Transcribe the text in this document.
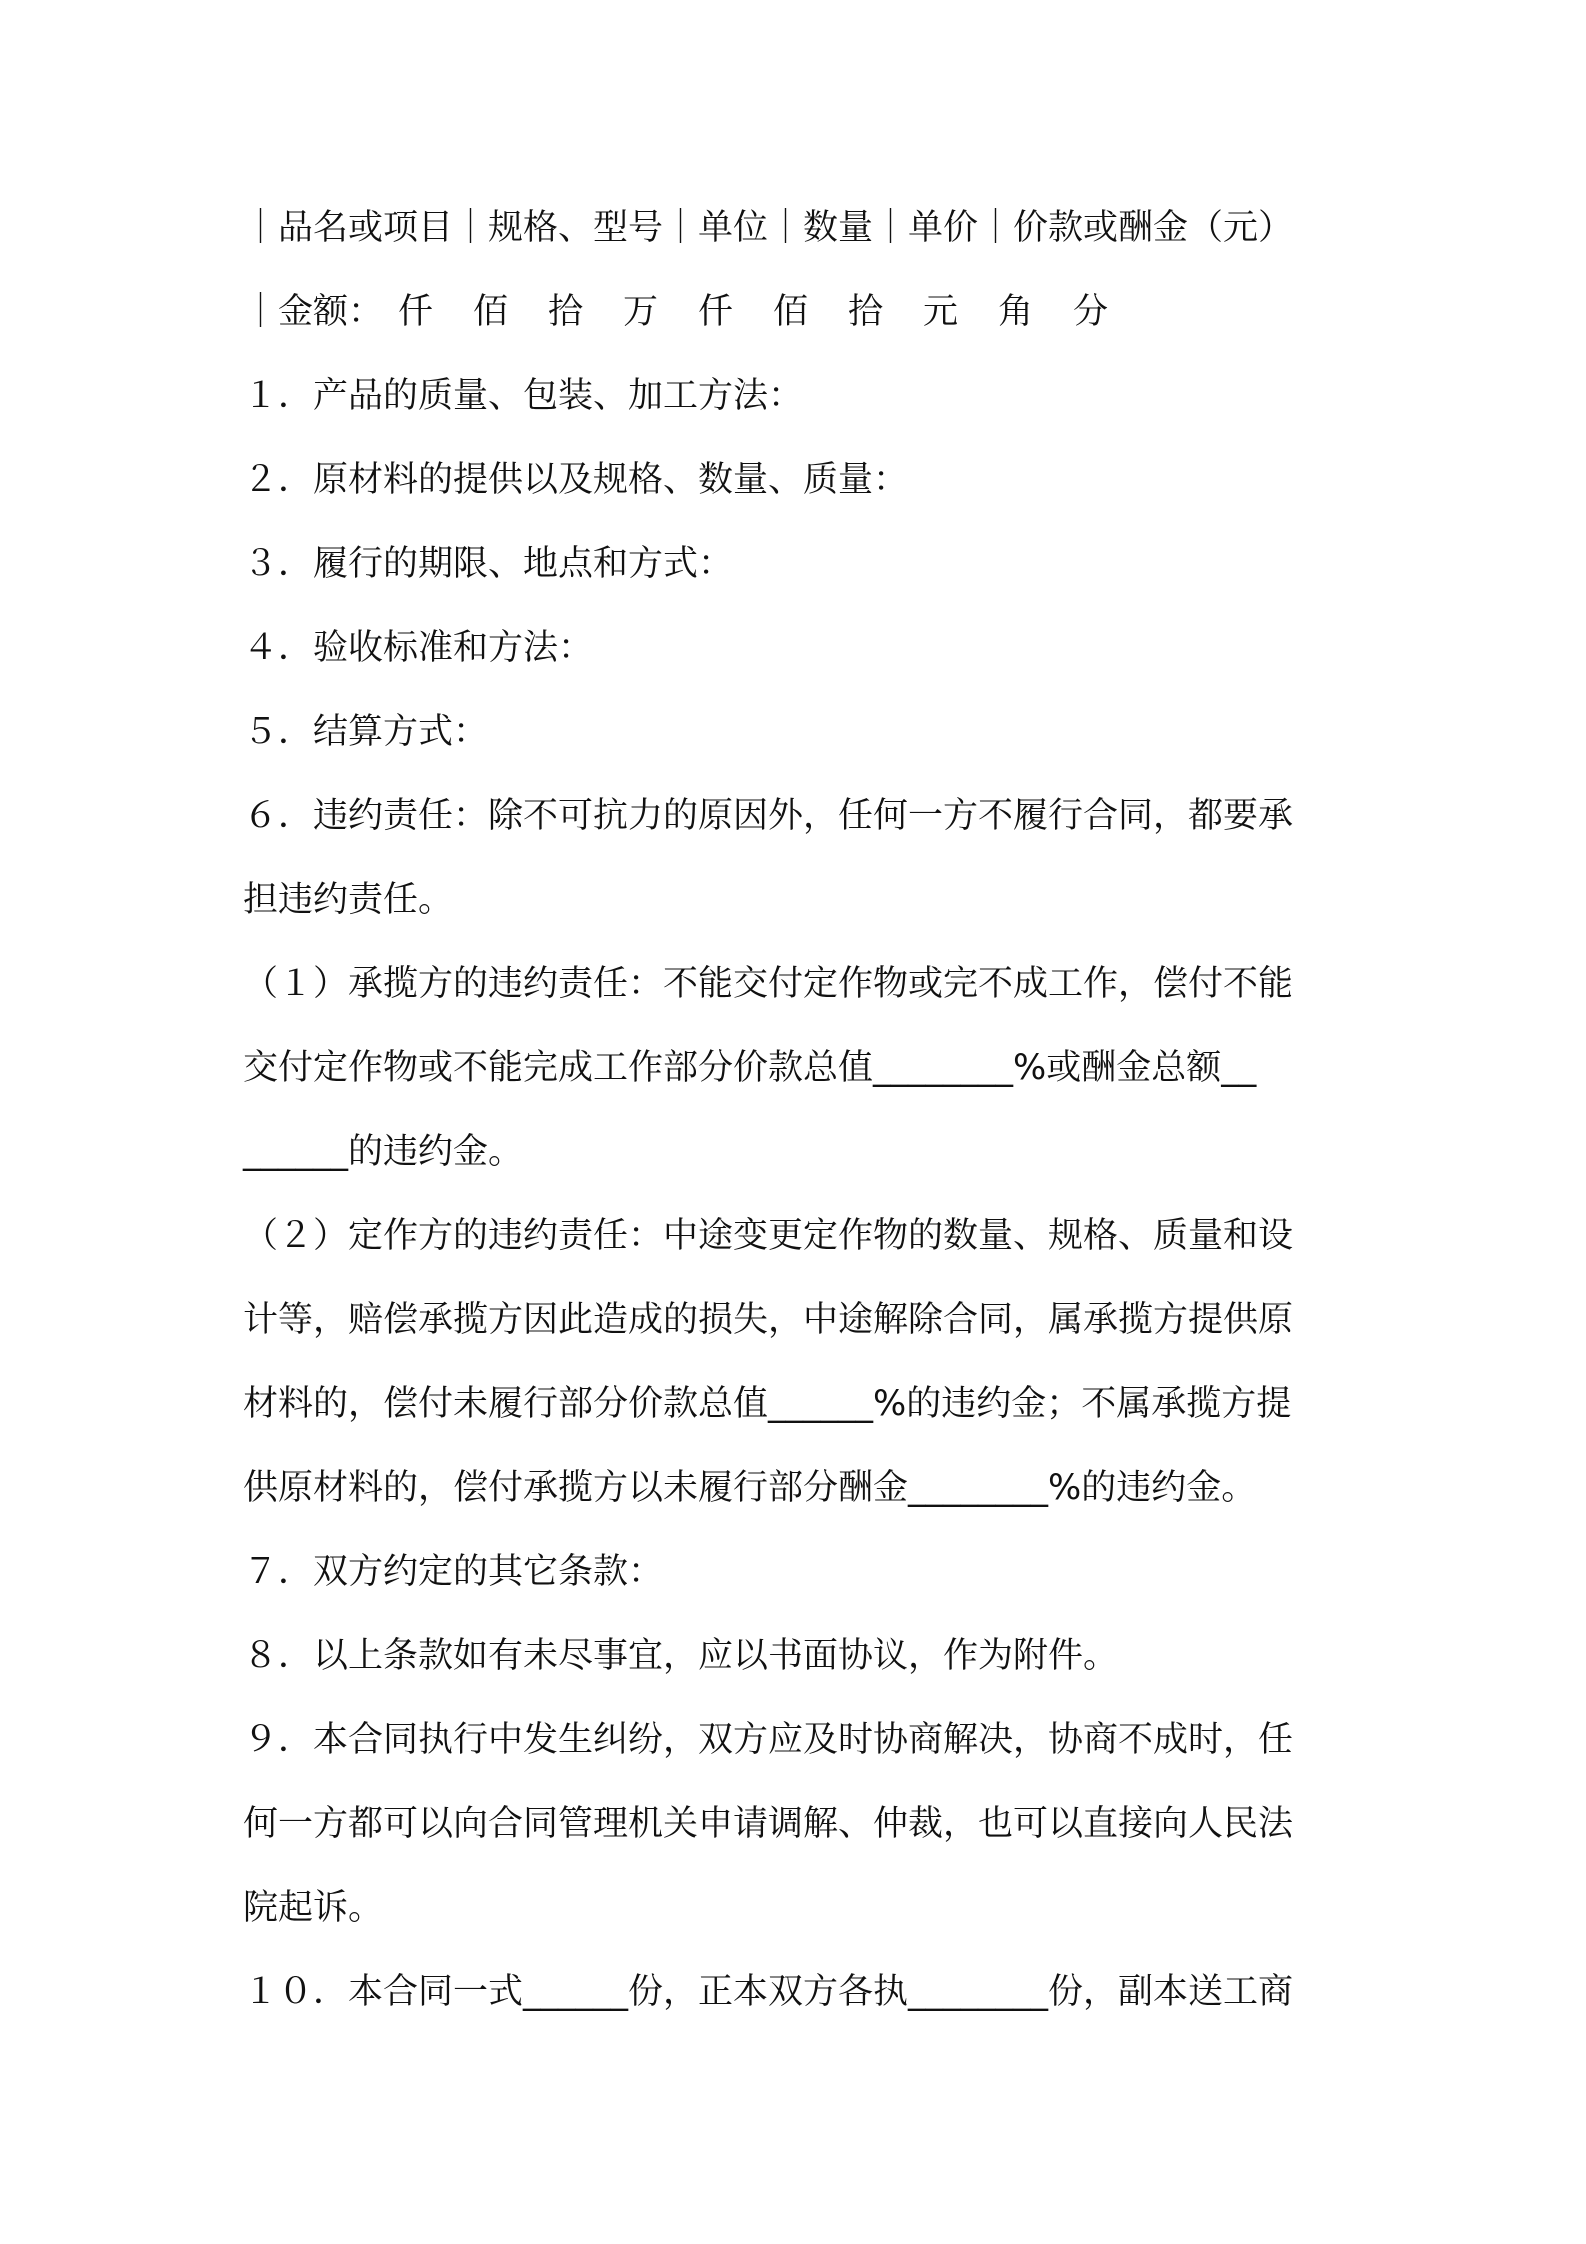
｜品名或项目｜规格、型号｜单位｜数量｜单价｜价款或酬金（元）
｜金额： 仟 佰 拾 万 仟 佰 拾 元 角 分
１．产品的质量、包装、加工方法：
２．原材料的提供以及规格、数量、质量：
３．履行的期限、地点和方式：
４．验收标准和方法：
５．结算方式：
６．违约责任：除不可抗力的原因外，任何一方不履行合同，都要承
担违约责任。
（１）承揽方的违约责任：不能交付定作物或完不成工作，偿付不能
交付定作物或不能完成工作部分价款总值________%或酬金总额__
______的违约金。
（２）定作方的违约责任：中途变更定作物的数量、规格、质量和设
计等，赔偿承揽方因此造成的损失，中途解除合同，属承揽方提供原
材料的，偿付未履行部分价款总值______%的违约金；不属承揽方提
供原材料的，偿付承揽方以未履行部分酬金________%的违约金。
７．双方约定的其它条款：
８．以上条款如有未尽事宜，应以书面协议，作为附件。
９．本合同执行中发生纠纷，双方应及时协商解决，协商不成时，任
何一方都可以向合同管理机关申请调解、仲裁，也可以直接向人民法
院起诉。
１０．本合同一式______份，正本双方各执________份，副本送工商
